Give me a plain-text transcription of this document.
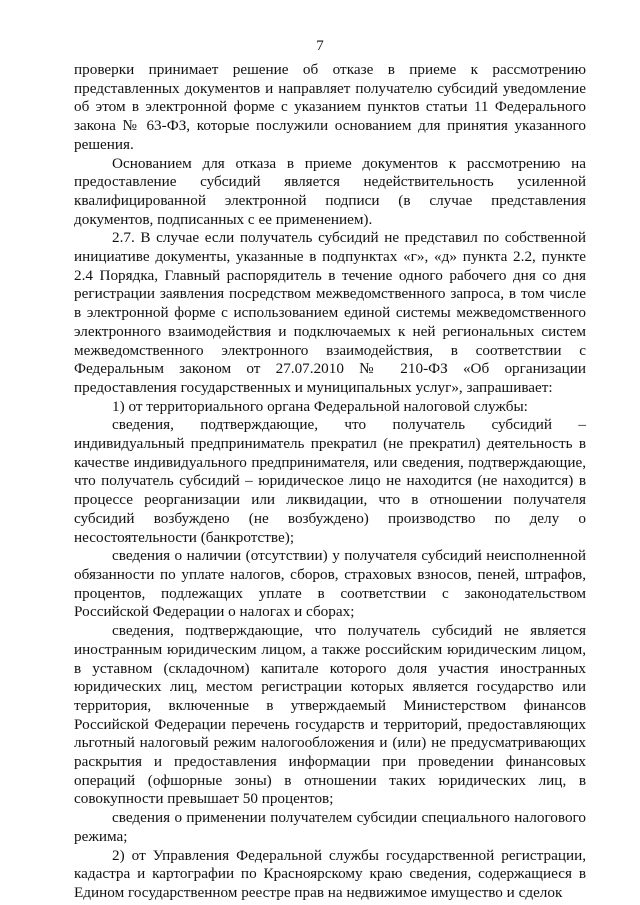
7

проверки принимает решение об отказе в приеме к рассмотрению представленных документов и направляет получателю субсидий уведомление об этом в электронной форме с указанием пунктов статьи 11 Федерального закона № 63-ФЗ, которые послужили основанием для принятия указанного решения.

Основанием для отказа в приеме документов к рассмотрению на предоставление субсидий является недействительность усиленной квалифицированной электронной подписи (в случае представления документов, подписанных с ее применением).

2.7. В случае если получатель субсидий не представил по собственной инициативе документы, указанные в подпунктах «г», «д» пункта 2.2, пункте 2.4 Порядка, Главный распорядитель в течение одного рабочего дня со дня регистрации заявления посредством межведомственного запроса, в том числе в электронной форме с использованием единой системы межведомственного электронного взаимодействия и подключаемых к ней региональных систем межведомственного электронного взаимодействия, в соответствии с Федеральным законом от 27.07.2010 № 210-ФЗ «Об организации предоставления государственных и муниципальных услуг», запрашивает:

1) от территориального органа Федеральной налоговой службы:

сведения, подтверждающие, что получатель субсидий – индивидуальный предприниматель прекратил (не прекратил) деятельность в качестве индивидуального предпринимателя, или сведения, подтверждающие, что получатель субсидий – юридическое лицо не находится (не находится) в процессе реорганизации или ликвидации, что в отношении получателя субсидий возбуждено (не возбуждено) производство по делу о несостоятельности (банкротстве);

сведения о наличии (отсутствии) у получателя субсидий неисполненной обязанности по уплате налогов, сборов, страховых взносов, пеней, штрафов, процентов, подлежащих уплате в соответствии с законодательством Российской Федерации о налогах и сборах;

сведения, подтверждающие, что получатель субсидий не является иностранным юридическим лицом, а также российским юридическим лицом, в уставном (складочном) капитале которого доля участия иностранных юридических лиц, местом регистрации которых является государство или территория, включенные в утверждаемый Министерством финансов Российской Федерации перечень государств и территорий, предоставляющих льготный налоговый режим налогообложения и (или) не предусматривающих раскрытия и предоставления информации при проведении финансовых операций (офшорные зоны) в отношении таких юридических лиц, в совокупности превышает 50 процентов;

сведения о применении получателем субсидии специального налогового режима;

2) от Управления Федеральной службы государственной регистрации, кадастра и картографии по Красноярскому краю сведения, содержащиеся в Едином государственном реестре прав на недвижимое имущество и сделок
